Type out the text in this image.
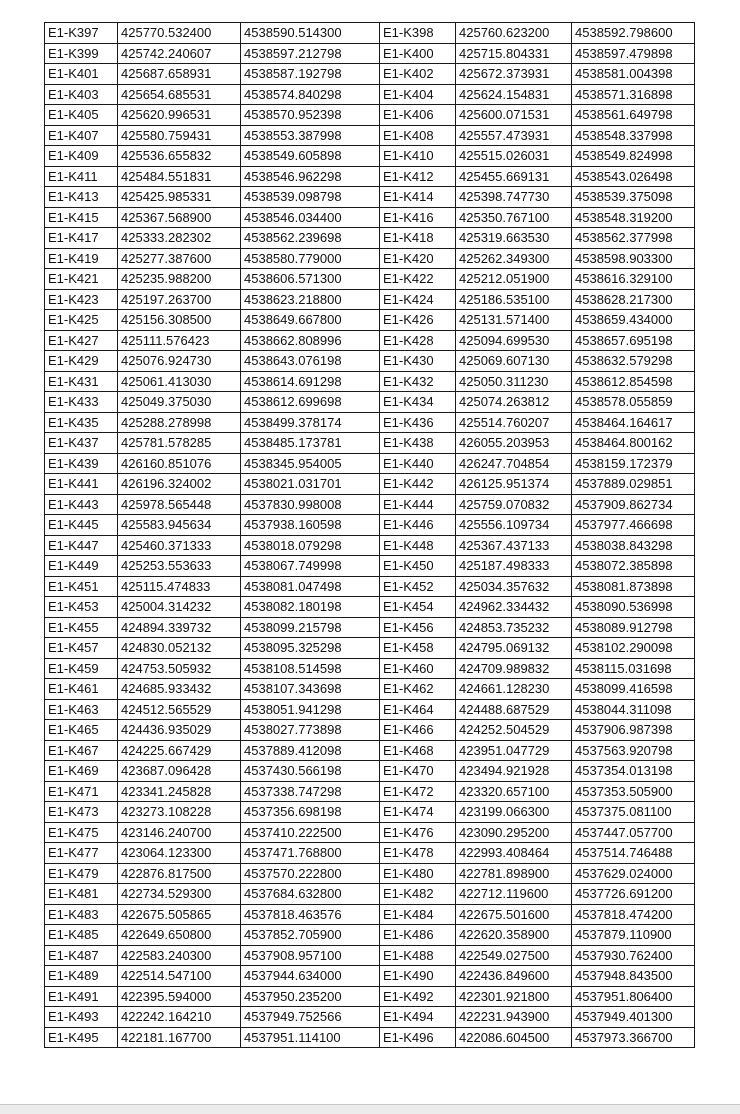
E1-K397	425770.532400	4538590.514300	E1-K398	425760.623200	4538592.798600
E1-K399	425742.240607	4538597.212798	E1-K400	425715.804331	4538597.479898
E1-K401	425687.658931	4538587.192798	E1-K402	425672.373931	4538581.004398
E1-K403	425654.685531	4538574.840298	E1-K404	425624.154831	4538571.316898
E1-K405	425620.996531	4538570.952398	E1-K406	425600.071531	4538561.649798
E1-K407	425580.759431	4538553.387998	E1-K408	425557.473931	4538548.337998
E1-K409	425536.655832	4538549.605898	E1-K410	425515.026031	4538549.824998
E1-K411	425484.551831	4538546.962298	E1-K412	425455.669131	4538543.026498
E1-K413	425425.985331	4538539.098798	E1-K414	425398.747730	4538539.375098
E1-K415	425367.568900	4538546.034400	E1-K416	425350.767100	4538548.319200
E1-K417	425333.282302	4538562.239698	E1-K418	425319.663530	4538562.377998
E1-K419	425277.387600	4538580.779000	E1-K420	425262.349300	4538598.903300
E1-K421	425235.988200	4538606.571300	E1-K422	425212.051900	4538616.329100
E1-K423	425197.263700	4538623.218800	E1-K424	425186.535100	4538628.217300
E1-K425	425156.308500	4538649.667800	E1-K426	425131.571400	4538659.434000
E1-K427	425111.576423	4538662.808996	E1-K428	425094.699530	4538657.695198
E1-K429	425076.924730	4538643.076198	E1-K430	425069.607130	4538632.579298
E1-K431	425061.413030	4538614.691298	E1-K432	425050.311230	4538612.854598
E1-K433	425049.375030	4538612.699698	E1-K434	425074.263812	4538578.055859
E1-K435	425288.278998	4538499.378174	E1-K436	425514.760207	4538464.164617
E1-K437	425781.578285	4538485.173781	E1-K438	426055.203953	4538464.800162
E1-K439	426160.851076	4538345.954005	E1-K440	426247.704854	4538159.172379
E1-K441	426196.324002	4538021.031701	E1-K442	426125.951374	4537889.029851
E1-K443	425978.565448	4537830.998008	E1-K444	425759.070832	4537909.862734
E1-K445	425583.945634	4537938.160598	E1-K446	425556.109734	4537977.466698
E1-K447	425460.371333	4538018.079298	E1-K448	425367.437133	4538038.843298
E1-K449	425253.553633	4538067.749998	E1-K450	425187.498333	4538072.385898
E1-K451	425115.474833	4538081.047498	E1-K452	425034.357632	4538081.873898
E1-K453	425004.314232	4538082.180198	E1-K454	424962.334432	4538090.536998
E1-K455	424894.339732	4538099.215798	E1-K456	424853.735232	4538089.912798
E1-K457	424830.052132	4538095.325298	E1-K458	424795.069132	4538102.290098
E1-K459	424753.505932	4538108.514598	E1-K460	424709.989832	4538115.031698
E1-K461	424685.933432	4538107.343698	E1-K462	424661.128230	4538099.416598
E1-K463	424512.565529	4538051.941298	E1-K464	424488.687529	4538044.311098
E1-K465	424436.935029	4538027.773898	E1-K466	424252.504529	4537906.987398
E1-K467	424225.667429	4537889.412098	E1-K468	423951.047729	4537563.920798
E1-K469	423687.096428	4537430.566198	E1-K470	423494.921928	4537354.013198
E1-K471	423341.245828	4537338.747298	E1-K472	423320.657100	4537353.505900
E1-K473	423273.108228	4537356.698198	E1-K474	423199.066300	4537375.081100
E1-K475	423146.240700	4537410.222500	E1-K476	423090.295200	4537447.057700
E1-K477	423064.123300	4537471.768800	E1-K478	422993.408464	4537514.746488
E1-K479	422876.817500	4537570.222800	E1-K480	422781.898900	4537629.024000
E1-K481	422734.529300	4537684.632800	E1-K482	422712.119600	4537726.691200
E1-K483	422675.505865	4537818.463576	E1-K484	422675.501600	4537818.474200
E1-K485	422649.650800	4537852.705900	E1-K486	422620.358900	4537879.110900
E1-K487	422583.240300	4537908.957100	E1-K488	422549.027500	4537930.762400
E1-K489	422514.547100	4537944.634000	E1-K490	422436.849600	4537948.843500
E1-K491	422395.594000	4537950.235200	E1-K492	422301.921800	4537951.806400
E1-K493	422242.164210	4537949.752566	E1-K494	422231.943900	4537949.401300
E1-K495	422181.167700	4537951.114100	E1-K496	422086.604500	4537973.366700
